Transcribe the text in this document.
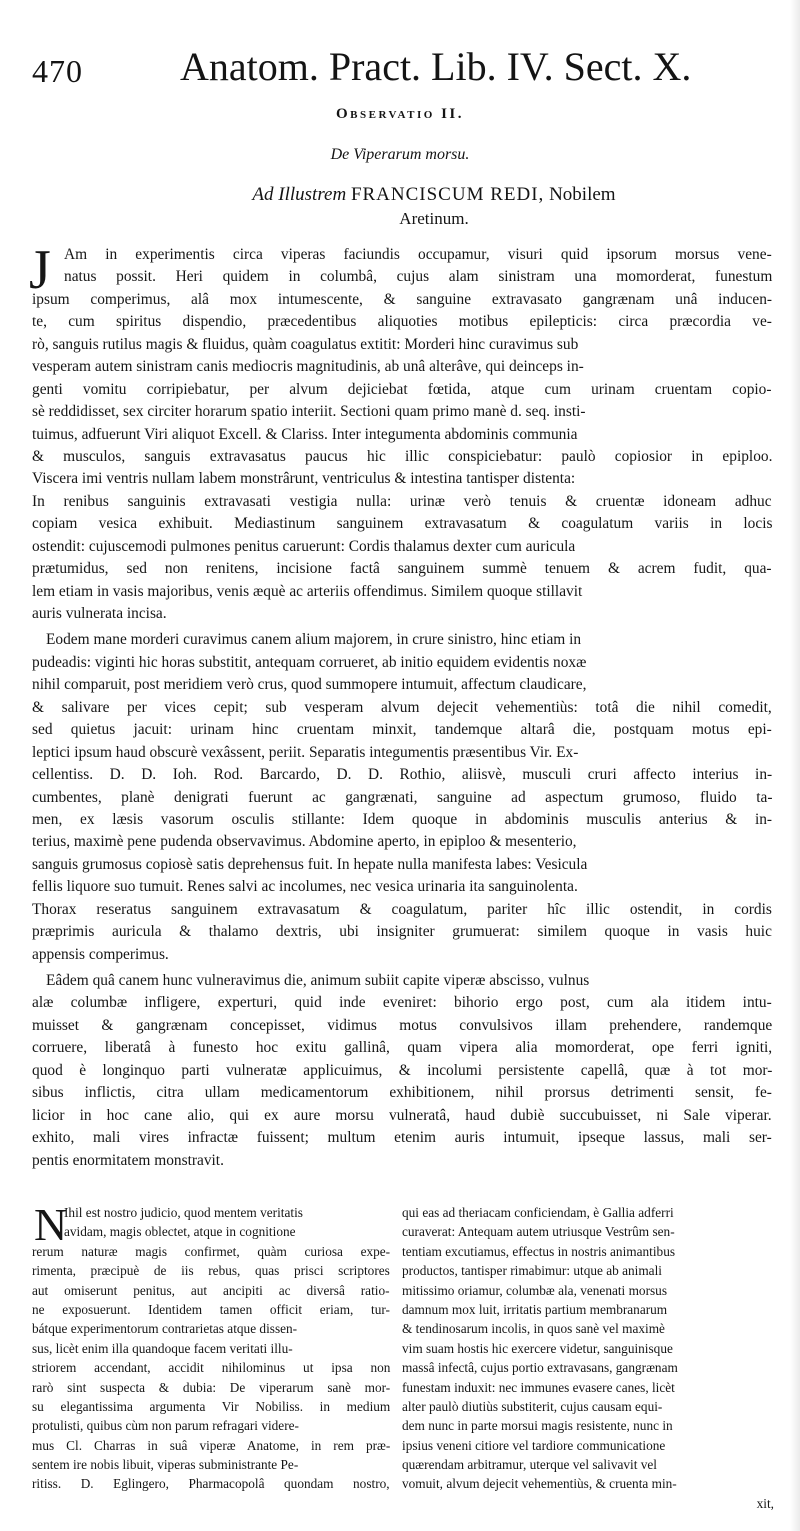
470 Anatom. Pract. Lib. IV. Sect. X.
Observatio II.
De Viperarum morsu.
Ad Illustrem FRANCISCUM REDI, Nobilem
Aretinum.
J Am in experimentis circa viperas faciundis occupamur, visuri quid ipsorum morsus vene-
natus possit. Heri quidem in columbâ, cujus alam sinistram una momorderat, funestum
ipsum comperimus, alâ mox intumescente, & sanguine extravasato gangrænam unâ inducen-
te, cum spiritus dispendio, præcedentibus aliquoties motibus epilepticis: circa præcordia ve-
rò, sanguis rutilus magis & fluidus, quàm coagulatus extitit: Morderi hinc curavimus sub
vesperam autem sinistram canis mediocris magnitudinis, ab unâ alterâve, qui deinceps in-
genti vomitu corripiebatur, per alvum dejiciebat fœtida, atque cum urinam cruentam copio-
sè reddidisset, sex circiter horarum spatio interiit. Sectioni quam primo manè d. seq. insti-
tuimus, adfuerunt Viri aliquot Excell. & Clariss. Inter integumenta abdominis communia
& musculos, sanguis extravasatus paucus hic illic conspiciebatur: paulò copiosior in epiploo.
Viscera imi ventris nullam labem monstrârunt, ventriculus & intestina tantisper distenta:
In renibus sanguinis extravasati vestigia nulla: urinæ verò tenuis & cruentæ idoneam adhuc
copiam vesica exhibuit. Mediastinum sanguinem extravasatum & coagulatum variis in locis
ostendit: cujuscemodi pulmones penitus caruerunt: Cordis thalamus dexter cum auricula
prætumidus, sed non renitens, incisione factâ sanguinem summè tenuem & acrem fudit, qua-
lem etiam in vasis majoribus, venis æquè ac arteriis offendimus. Similem quoque stillavit
auris vulnerata incisa.
Eodem mane morderi curavimus canem alium majorem, in crure sinistro, hinc etiam in
pudeadis: viginti hic horas substitit, antequam corrueret, ab initio equidem evidentis noxæ
nihil comparuit, post meridiem verò crus, quod summopere intumuit, affectum claudicare,
& salivare per vices cepit; sub vesperam alvum dejecit vehementiùs: totâ die nihil comedit,
sed quietus jacuit: urinam hinc cruentam minxit, tandemque altarâ die, postquam motus epi-
leptici ipsum haud obscurè vexâssent, periit. Separatis integumentis præsentibus Vir. Ex-
cellentiss. D. D. Ioh. Rod. Barcardo, D. D. Rothio, aliisvè, musculi cruri affecto interius in-
cumbentes, planè denigrati fuerunt ac gangrænati, sanguine ad aspectum grumoso, fluido ta-
men, ex læsis vasorum osculis stillante: Idem quoque in abdominis musculis anterius & in-
terius, maximè pene pudenda observavimus. Abdomine aperto, in epiploo & mesenterio,
sanguis grumosus copiosè satis deprehensus fuit. In hepate nulla manifesta labes: Vesicula
fellis liquore suo tumuit. Renes salvi ac incolumes, nec vesica urinaria ita sanguinolenta.
Thorax reseratus sanguinem extravasatum & coagulatum, pariter hîc illic ostendit, in cordis
præprimis auricula & thalamo dextris, ubi insigniter grumuerat: similem quoque in vasis huic
appensis comperimus.
Eâdem quâ canem hunc vulneravimus die, animum subiit capite viperæ abscisso, vulnus
alæ columbæ infligere, experturi, quid inde eveniret: bihorio ergo post, cum ala itidem intu-
muisset & gangrænam concepisset, vidimus motus convulsivos illam prehendere, randemque
corruere, liberatâ à funesto hoc exitu gallinâ, quam vipera alia momorderat, ope ferri igniti,
quod è longinquo parti vulneratæ applicuimus, & incolumi persistente capellâ, quæ à tot mor-
sibus inflictis, citra ullam medicamentorum exhibitionem, nihil prorsus detrimenti sensit, fe-
licior in hoc cane alio, qui ex aure morsu vulneratâ, haud dubiè succubuisset, ni Sale viperar.
exhito, mali vires infractæ fuissent; multum etenim auris intumuit, ipseque lassus, mali ser-
pentis enormitatem monstravit.
N
Ihil est nostro judicio, quod mentem veritatis
avidam, magis oblectet, atque in cognitione
rerum naturæ magis confirmet, quàm curiosa expe-
rimenta, præcipuè de iis rebus, quas prisci scriptores
aut omiserunt penitus, aut ancipiti ac diversâ ratio-
ne exposuerunt. Identidem tamen officit eriam, tur-
bátque experimentorum contrarietas atque dissen-
sus, licèt enim illa quandoque facem veritati illu-
striorem accendant, accidit nihilominus ut ipsa non
rarò sint suspecta & dubia: De viperarum sanè mor-
su elegantissima argumenta Vir Nobiliss. in medium
protulisti, quibus cùm non parum refragari videre-
mus Cl. Charras in suâ viperæ Anatome, in rem præ-
sentem ire nobis libuit, viperas subministrante Pe-
ritiss. D. Eglingero, Pharmacopolâ quondam nostro,
qui eas ad theriacam conficiendam, è Gallia adferri
curaverat: Antequam autem utriusque Vestrûm sen-
tentiam excutiamus, effectus in nostris animantibus
productos, tantisper rimabimur: utque ab animali
mitissimo oriamur, columbæ ala, venenati morsus
damnum mox luit, irritatis partium membranarum
& tendinosarum incolis, in quos sanè vel maximè
vim suam hostis hic exercere videtur, sanguinisque
massâ infectâ, cujus portio extravasans, gangrænam
funestam induxit: nec immunes evasere canes, licèt
alter paulò diutiùs substiterit, cujus causam equi-
dem nunc in parte morsui magis resistente, nunc in
ipsius veneni citiore vel tardiore communicatione
quærendam arbitramur, uterque vel salivavit vel
vomuit, alvum dejecit vehementiùs, & cruenta min-
xit,
